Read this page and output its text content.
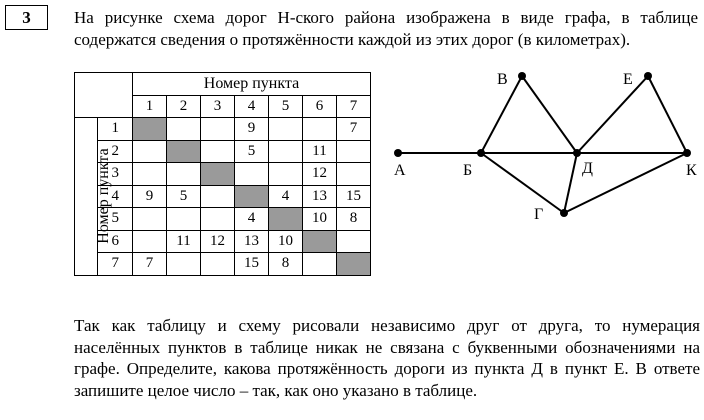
3	На рисунке схема дорог Н-ского района изображена в виде графа, в таблице содержатся сведения о протяжённости каждой из этих дорог (в километрах).

		Номер пункта						
		1	2	3	4	5	6	7
	1				9			7
	2				5		11	
	3						12	
	4	9	5			4	13	15
	5				4		10	8
	6		11	12	13	10		
	7	7			15	8		
Номер пункта	А	Б
В
Д
Е
К
Г

Так как таблицу и схему рисовали независимо друг от друга, то нумерация населённых пунктов в таблице никак не связана с буквенными обозначениями на графе. Определите, какова протяжённость дороги из пункта Д в пункт Е. В ответе запишите целое число – так, как оно указано в таблице.
